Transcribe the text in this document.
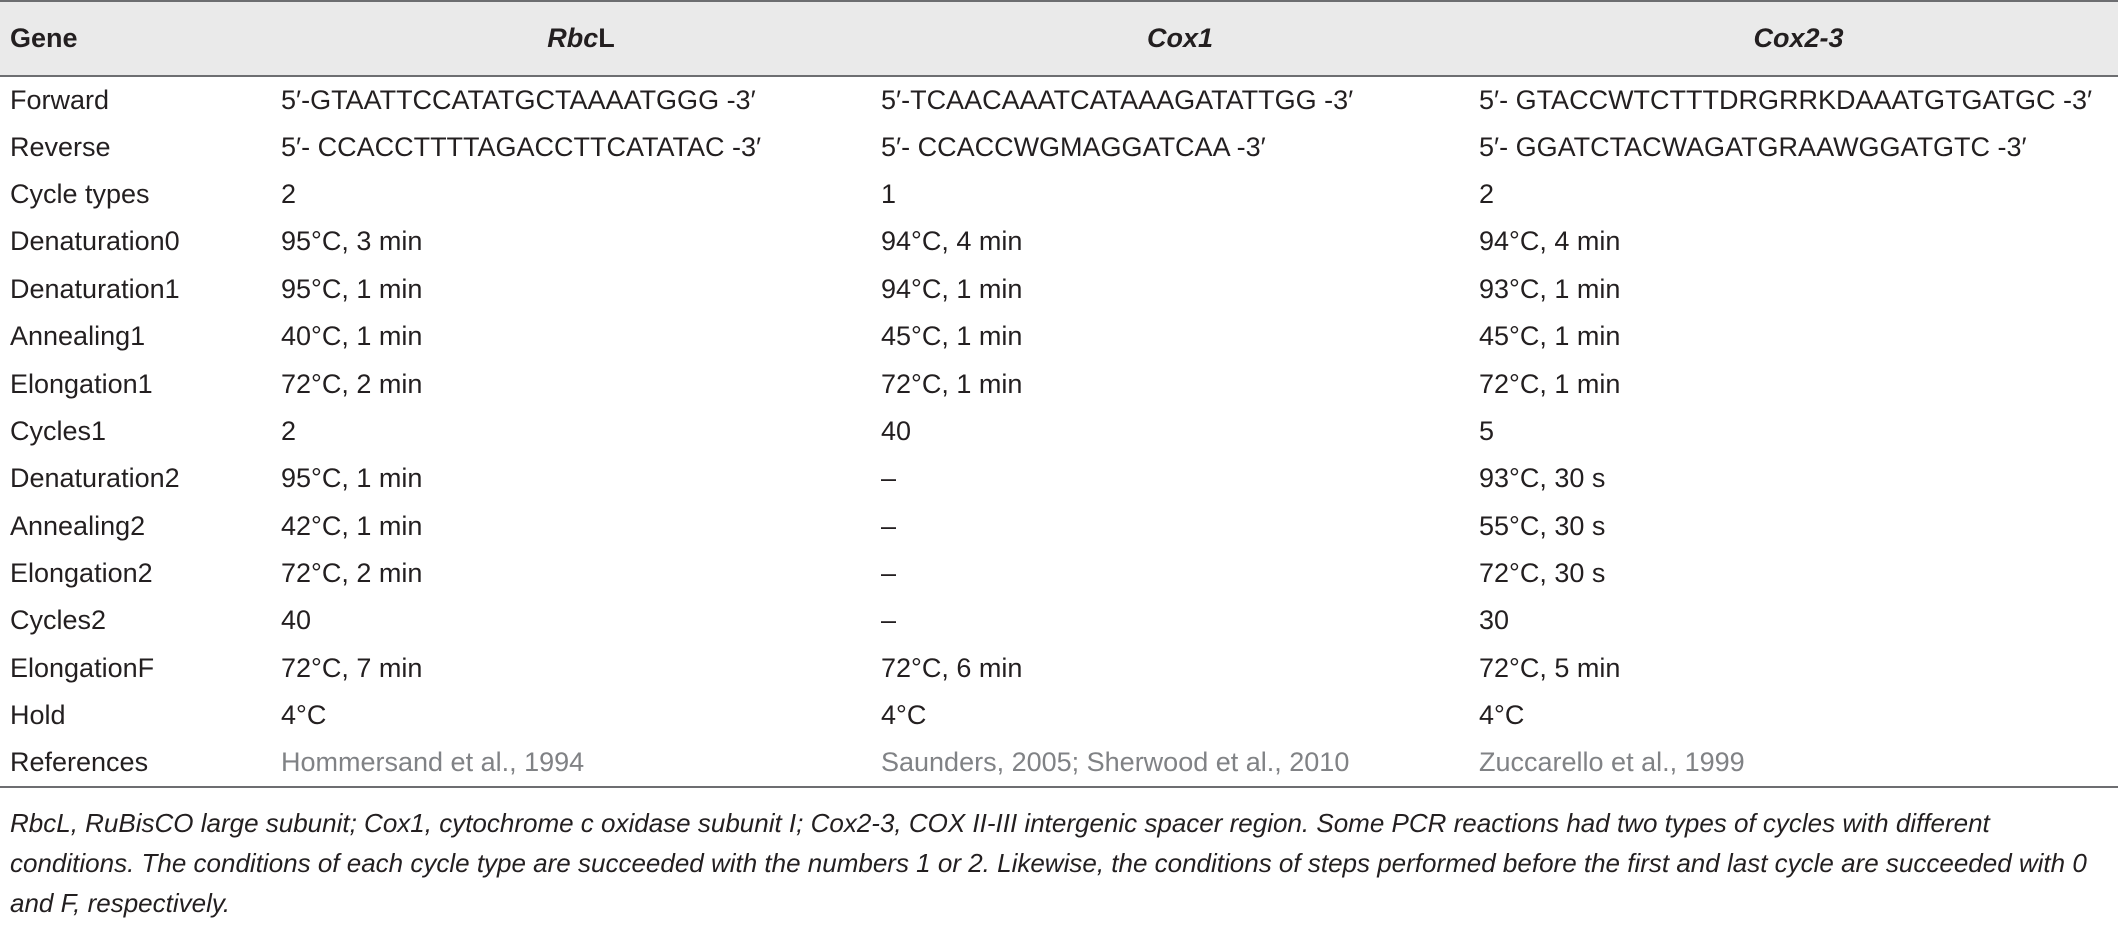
Gene	RbcL	Cox1	Cox2-3
Forward	5′-GTAATTCCATATGCTAAAATGGG -3′	5′-TCAACAAATCATAAAGATATTGG -3′	5′- GTACCWTCTTTDRGRRKDAAATGTGATGC -3′
Reverse	5′- CCACCTTTTAGACCTTCATATAC -3′	5′- CCACCWGMAGGATCAA -3′	5′- GGATCTACWAGATGRAAWGGATGTC -3′
Cycle types	2	1	2
Denaturation0	95°C, 3 min	94°C, 4 min	94°C, 4 min
Denaturation1	95°C, 1 min	94°C, 1 min	93°C, 1 min
Annealing1	40°C, 1 min	45°C, 1 min	45°C, 1 min
Elongation1	72°C, 2 min	72°C, 1 min	72°C, 1 min
Cycles1	2	40	5
Denaturation2	95°C, 1 min	–	93°C, 30 s
Annealing2	42°C, 1 min	–	55°C, 30 s
Elongation2	72°C, 2 min	–	72°C, 30 s
Cycles2	40	–	30
ElongationF	72°C, 7 min	72°C, 6 min	72°C, 5 min
Hold	4°C	4°C	4°C
References	Hommersand et al., 1994	Saunders, 2005; Sherwood et al., 2010	Zuccarello et al., 1999
RbcL, RuBisCO large subunit; Cox1, cytochrome c oxidase subunit I; Cox2-3, COX II-III intergenic spacer region. Some PCR reactions had two types of cycles with different conditions. The conditions of each cycle type are succeeded with the numbers 1 or 2. Likewise, the conditions of steps performed before the first and last cycle are succeeded with 0 and F, respectively.
